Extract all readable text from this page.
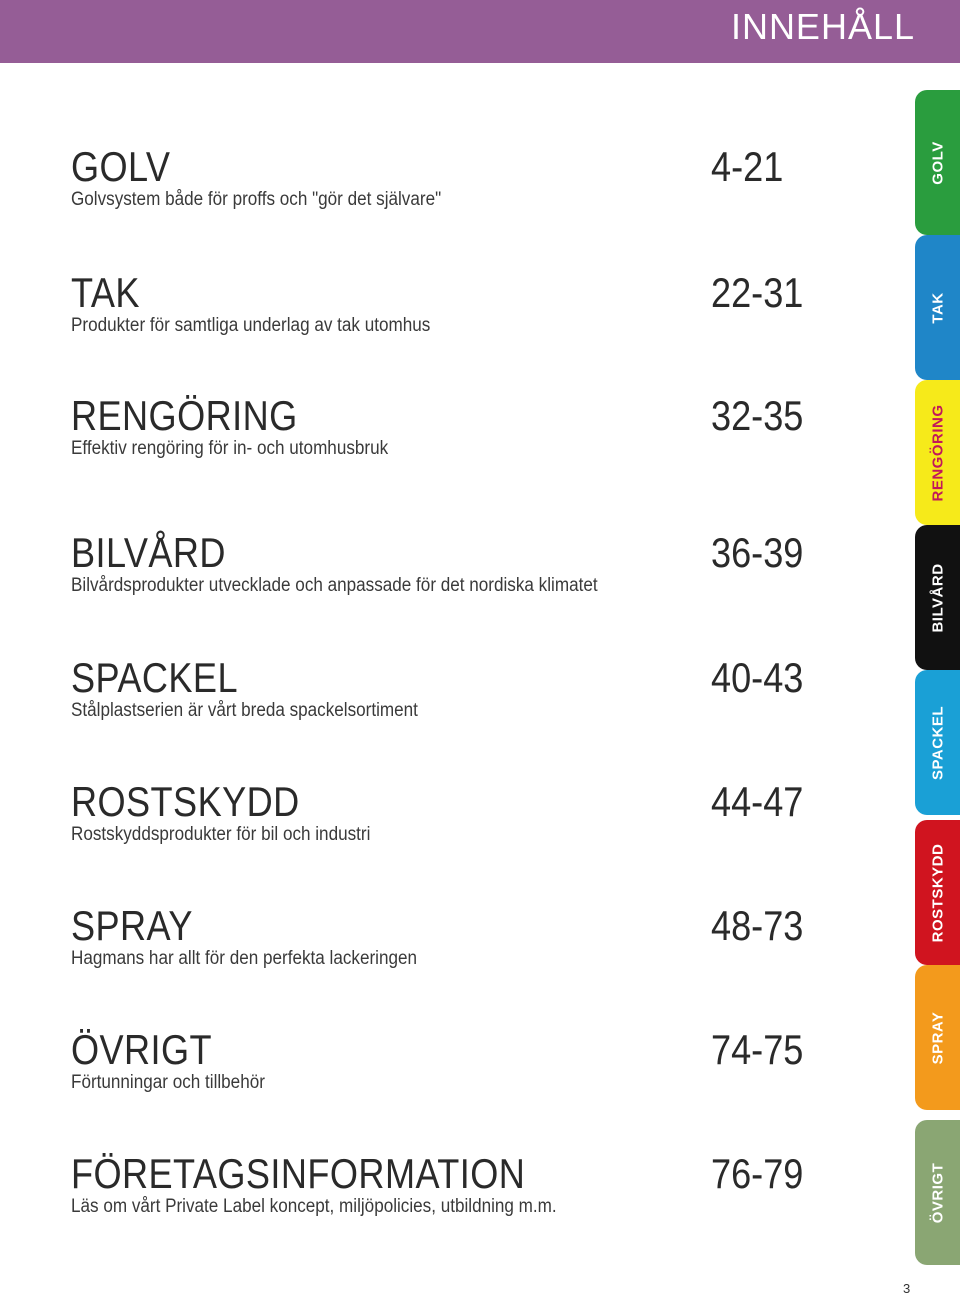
INNEHÅLL
GOLV	4-21
Golvsystem både för proffs och "gör det självare"
TAK	22-31
Produkter för samtliga underlag av tak utomhus
RENGÖRING	32-35
Effektiv rengöring för in- och utomhusbruk
BILVÅRD	36-39
Bilvårdsprodukter utvecklade och anpassade för det nordiska klimatet
SPACKEL	40-43
Stålplastserien är vårt breda spackelsortiment
ROSTSKYDD	44-47
Rostskyddsprodukter för bil och industri
SPRAY	48-73
Hagmans har allt för den perfekta lackeringen
ÖVRIGT	74-75
Förtunningar och tillbehör
FÖRETAGSINFORMATION	76-79
Läs om vårt Private Label koncept, miljöpolicies, utbildning m.m.
GOLV
TAK
RENGÖRING
BILVÅRD
SPACKEL
ROSTSKYDD
SPRAY
ÖVRIGT
3
